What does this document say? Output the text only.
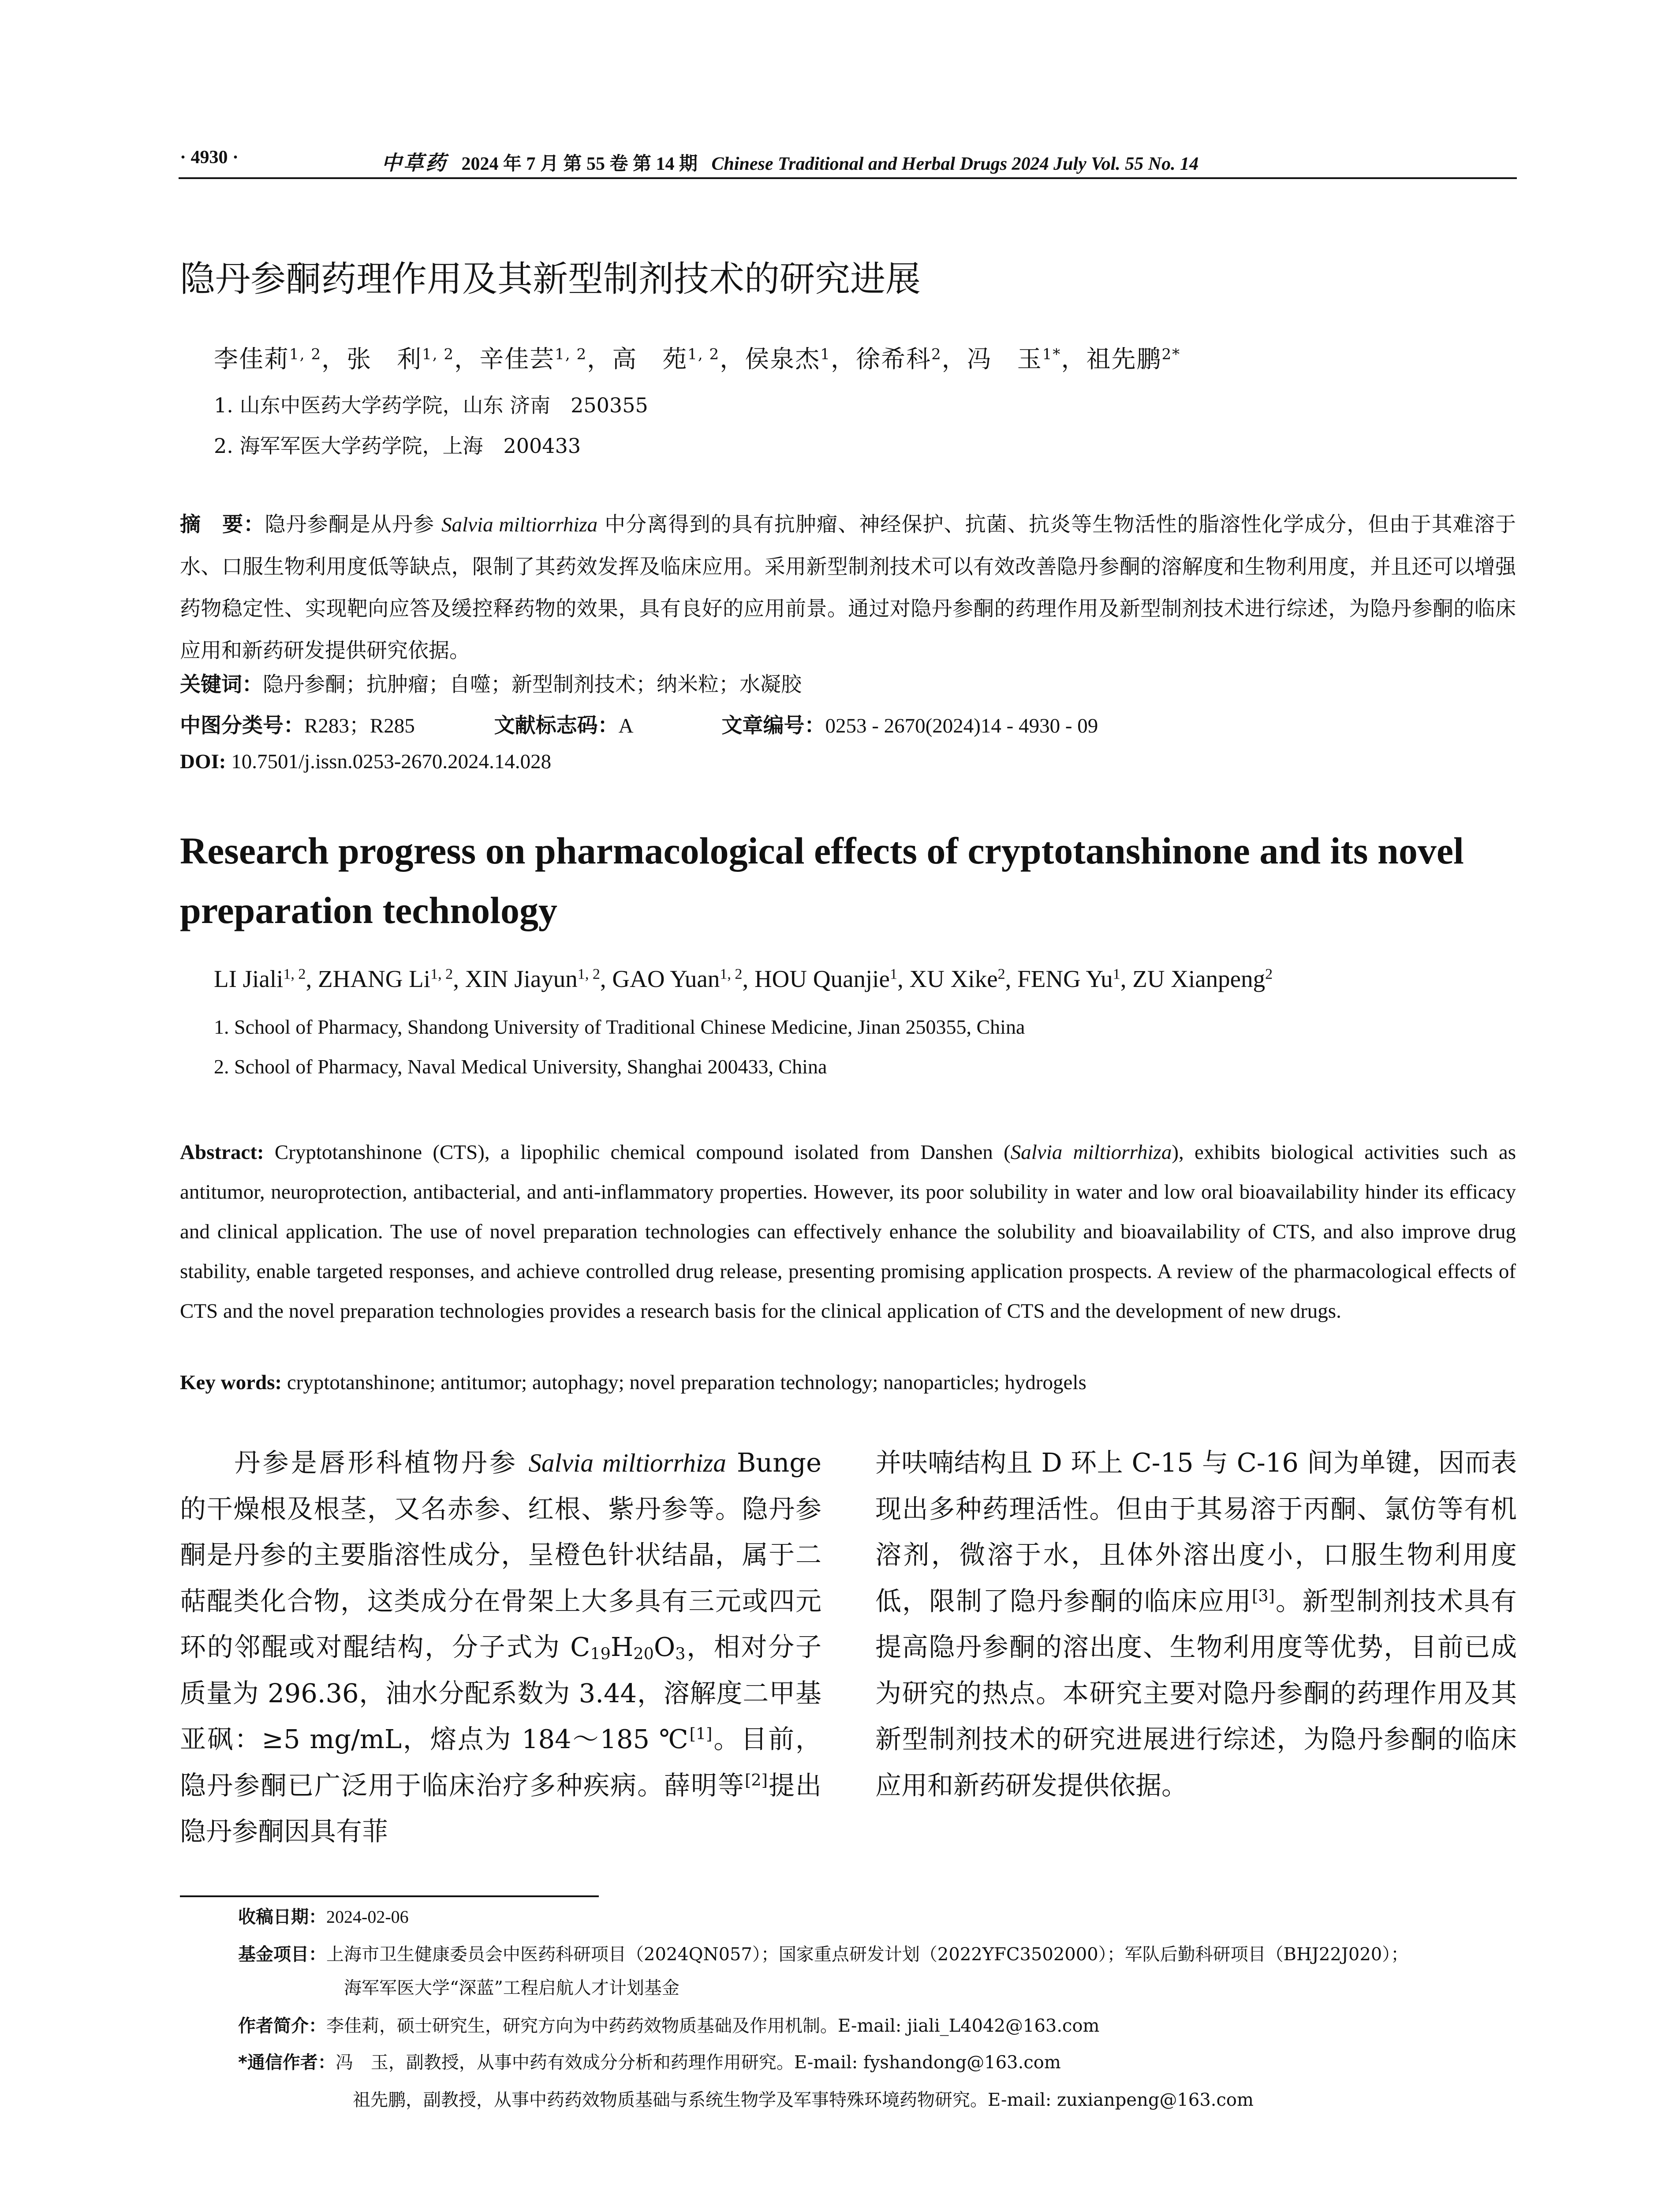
· 4930 ·	中草药 2024 年 7 月 第 55 卷 第 14 期 Chinese Traditional and Herbal Drugs 2024 July Vol. 55 No. 14
隐丹参酮药理作用及其新型制剂技术的研究进展
李佳莉$^{1, 2}$，张　利$^{1, 2}$，辛佳芸$^{1, 2}$，高　苑$^{1, 2}$，侯泉杰$^1$，徐希科$^2$，冯　玉$^{1*}$，祖先鹏$^{2*}$
1. 山东中医药大学药学院，山东 济南　250355
2. 海军军医大学药学院，上海　200433
摘　要：隐丹参酮是从丹参 Salvia miltiorrhiza 中分离得到的具有抗肿瘤、神经保护、抗菌、抗炎等生物活性的脂溶性化学成分，但由于其难溶于水、口服生物利用度低等缺点，限制了其药效发挥及临床应用。采用新型制剂技术可以有效改善隐丹参酮的溶解度和生物利用度，并且还可以增强药物稳定性、实现靶向应答及缓控释药物的效果，具有良好的应用前景。通过对隐丹参酮的药理作用及新型制剂技术进行综述，为隐丹参酮的临床应用和新药研发提供研究依据。
关键词：隐丹参酮；抗肿瘤；自噬；新型制剂技术；纳米粒；水凝胶
中图分类号：R283；R285	文献标志码：A	文章编号：0253 - 2670(2024)14 - 4930 - 09
DOI: 10.7501/j.issn.0253-2670.2024.14.028
Research progress on pharmacological effects of cryptotanshinone and its novel preparation technology
LI Jiali$^{1, 2}$, ZHANG Li$^{1, 2}$, XIN Jiayun$^{1, 2}$, GAO Yuan$^{1, 2}$, HOU Quanjie$^1$, XU Xike$^2$, FENG Yu$^1$, ZU Xianpeng$^2$
1. School of Pharmacy, Shandong University of Traditional Chinese Medicine, Jinan 250355, China
2. School of Pharmacy, Naval Medical University, Shanghai 200433, China
Abstract: Cryptotanshinone (CTS), a lipophilic chemical compound isolated from Danshen (Salvia miltiorrhiza), exhibits biological activities such as antitumor, neuroprotection, antibacterial, and anti-inflammatory properties. However, its poor solubility in water and low oral bioavailability hinder its efficacy and clinical application. The use of novel preparation technologies can effectively enhance the solubility and bioavailability of CTS, and also improve drug stability, enable targeted responses, and achieve controlled drug release, presenting promising application prospects. A review of the pharmacological effects of CTS and the novel preparation technologies provides a research basis for the clinical application of CTS and the development of new drugs.
Key words: cryptotanshinone; antitumor; autophagy; novel preparation technology; nanoparticles; hydrogels
丹参是唇形科植物丹参 Salvia miltiorrhiza Bunge 的干燥根及根茎，又名赤参、红根、紫丹参等。隐丹参酮是丹参的主要脂溶性成分，呈橙色针状结晶，属于二萜醌类化合物，这类成分在骨架上大多具有三元或四元环的邻醌或对醌结构，分子式为 $C_{19}H_{20}O_3$，相对分子质量为 296.36，油水分配系数为 3.44，溶解度二甲基亚砜：≥5 mg/mL，熔点为 184～185 ℃[1]。目前，隐丹参酮已广泛用于临床治疗多种疾病。薛明等[2]提出隐丹参酮因具有菲
并呋喃结构且 D 环上 C-15 与 C-16 间为单键，因而表现出多种药理活性。但由于其易溶于丙酮、氯仿等有机溶剂，微溶于水，且体外溶出度小，口服生物利用度低，限制了隐丹参酮的临床应用[3]。新型制剂技术具有提高隐丹参酮的溶出度、生物利用度等优势，目前已成为研究的热点。本研究主要对隐丹参酮的药理作用及其新型制剂技术的研究进展进行综述，为隐丹参酮的临床应用和新药研发提供依据。
收稿日期：2024-02-06
基金项目：上海市卫生健康委员会中医药科研项目（2024QN057）；国家重点研发计划（2022YFC3502000）；军队后勤科研项目（BHJ22J020）；
海军军医大学“深蓝”工程启航人才计划基金
作者简介：李佳莉，硕士研究生，研究方向为中药药效物质基础及作用机制。E-mail: jiali_L4042@163.com
*通信作者：冯　玉，副教授，从事中药有效成分分析和药理作用研究。E-mail: fyshandong@163.com
祖先鹏，副教授，从事中药药效物质基础与系统生物学及军事特殊环境药物研究。E-mail: zuxianpeng@163.com
